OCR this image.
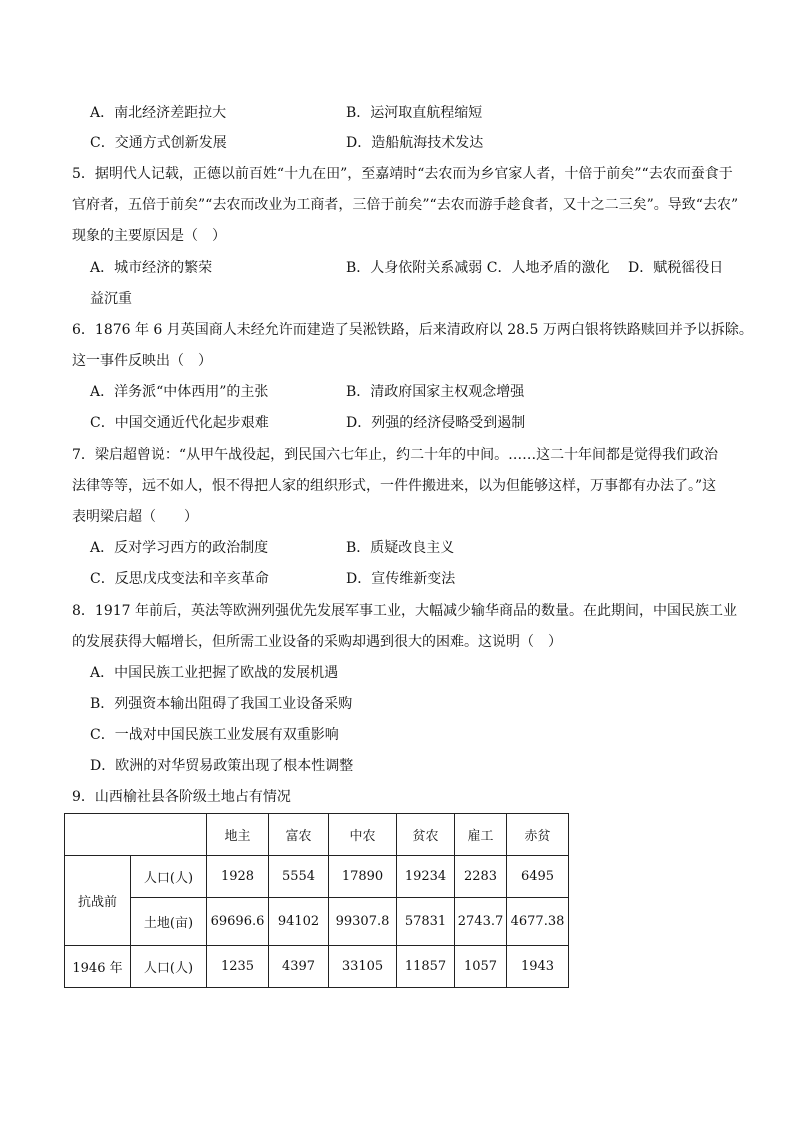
A．南北经济差距拉大	B．运河取直航程缩短
C．交通方式创新发展	D．造船航海技术发达
5．据明代人记载，正德以前百姓“十九在田”，至嘉靖时“去农而为乡官家人者，十倍于前矣”“去农而蚕食于
官府者，五倍于前矣”“去农而改业为工商者，三倍于前矣”“去农而游手趁食者，又十之二三矣”。导致“去农”
现象的主要原因是（　）
A．城市经济的繁荣	B．人身依附关系减弱 C．人地矛盾的激化 D．赋税徭役日
益沉重
6．1876 年 6 月英国商人未经允许而建造了吴淞铁路，后来清政府以 28.5 万两白银将铁路赎回并予以拆除。
这一事件反映出（　）
A．洋务派“中体西用”的主张	B．清政府国家主权观念增强
C．中国交通近代化起步艰难	D．列强的经济侵略受到遏制
7．梁启超曾说：“从甲午战役起，到民国六七年止，约二十年的中间。……这二十年间都是觉得我们政治
法律等等，远不如人，恨不得把人家的组织形式，一件件搬进来，以为但能够这样，万事都有办法了。”这
表明梁启超（　　）
A．反对学习西方的政治制度	B．质疑改良主义
C．反思戊戌变法和辛亥革命	D．宣传维新变法
8．1917 年前后，英法等欧洲列强优先发展军事工业，大幅减少输华商品的数量。在此期间，中国民族工业
的发展获得大幅增长，但所需工业设备的采购却遇到很大的困难。这说明（　）
A．中国民族工业把握了欧战的发展机遇
B．列强资本输出阻碍了我国工业设备采购
C．一战对中国民族工业发展有双重影响
D．欧洲的对华贸易政策出现了根本性调整
9．山西榆社县各阶级土地占有情况
		地主	富农	中农	贫农	雇工	赤贫
抗战前	人口(人)	1928	5554	17890	19234	2283	6495
	土地(亩)	69696.6	94102	99307.8	57831	2743.7	4677.38
1946 年	人口(人)	1235	4397	33105	11857	1057	1943
